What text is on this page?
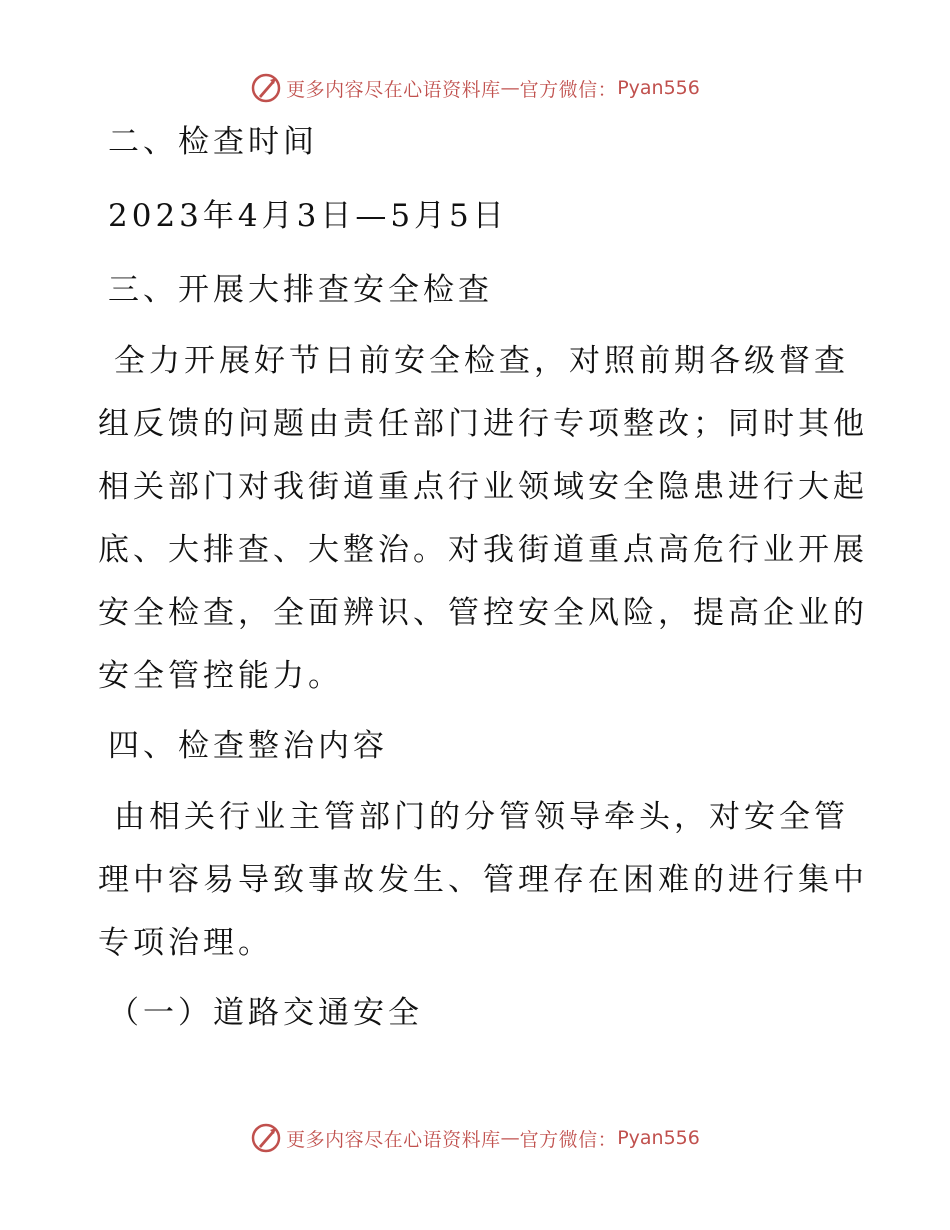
更多内容尽在心语资料库 — 官方微信： Pyan556
二、检查时间
2023年4月3日—5月5日
三、开展大排查安全检查
全力开展好节日前安全检查，对照前期各级督查
组反馈的问题由责任部门进行专项整改；同时其他
相关部门对我街道重点行业领域安全隐患进行大起
底、大排查、大整治。对我街道重点高危行业开展
安全检查，全面辨识、管控安全风险，提高企业的
安全管控能力。
四、检查整治内容
由相关行业主管部门的分管领导牵头，对安全管
理中容易导致事故发生、管理存在困难的进行集中
专项治理。
（一）道路交通安全
更多内容尽在心语资料库 — 官方微信： Pyan556
